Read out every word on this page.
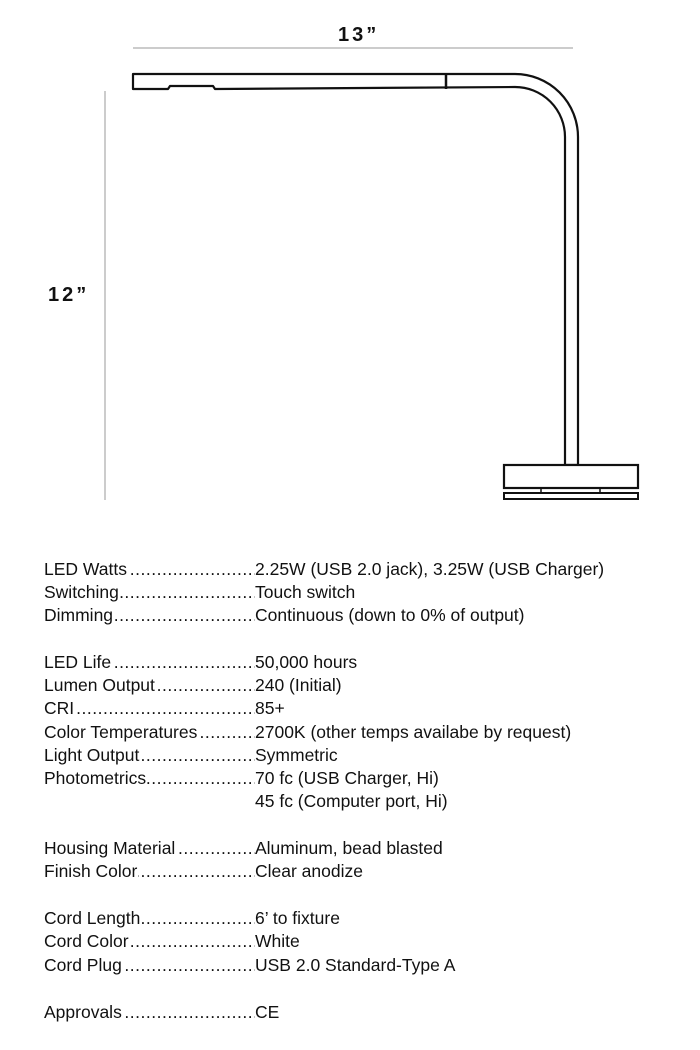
13”
12”
LED Watts .....	2.25W (USB 2.0 jack), 3.25W (USB Charger)
Switching .....	Touch switch
Dimming .....	Continuous (down to 0% of output)
LED Life .....	50,000 hours
Lumen Output .....	240 (Initial)
CRI .....	85+
Color Temperatures .....	2700K (other temps availabe by request)
Light Output .....	Symmetric
Photometrics .....	70 fc (USB Charger, Hi)
45 fc (Computer port, Hi)
Housing Material .....	Aluminum, bead blasted
Finish Color .....	Clear anodize
Cord Length .....	6’ to fixture
Cord Color .....	White
Cord Plug .....	USB 2.0 Standard-Type A
Approvals .....	CE
